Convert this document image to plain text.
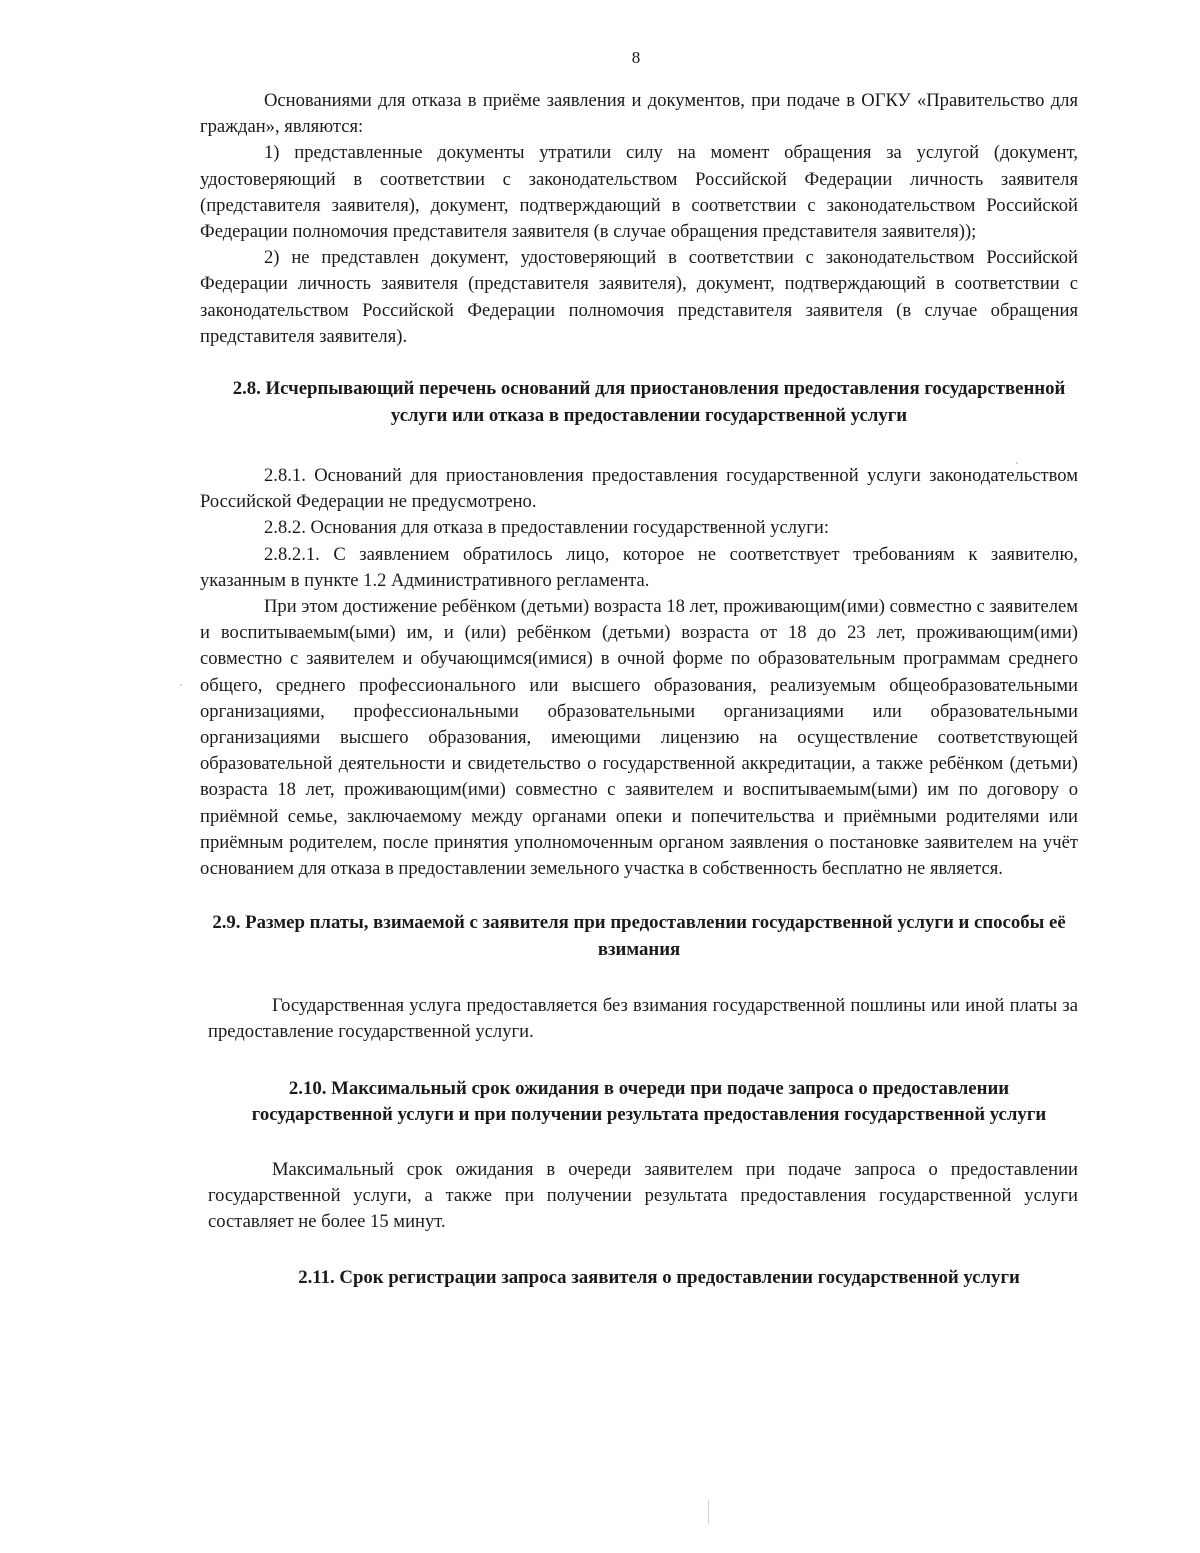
8

Основаниями для отказа в приёме заявления и документов, при подаче в ОГКУ «Правительство для граждан», являются:

1) представленные документы утратили силу на момент обращения за услугой (документ, удостоверяющий в соответствии с законодательством Российской Федерации личность заявителя (представителя заявителя), документ, подтверждающий в соответствии с законодательством Российской Федерации полномочия представителя заявителя (в случае обращения представителя заявителя));

2) не представлен документ, удостоверяющий в соответствии с законодательством Российской Федерации личность заявителя (представителя заявителя), документ, подтверждающий в соответствии с законодательством Российской Федерации полномочия представителя заявителя (в случае обращения представителя заявителя).

2.8. Исчерпывающий перечень оснований для приостановления предоставления государственной услуги или отказа в предоставлении государственной услуги

2.8.1. Оснований для приостановления предоставления государственной услуги законодательством Российской Федерации не предусмотрено.

2.8.2. Основания для отказа в предоставлении государственной услуги:

2.8.2.1. С заявлением обратилось лицо, которое не соответствует требованиям к заявителю, указанным в пункте 1.2 Административного регламента.

При этом достижение ребёнком (детьми) возраста 18 лет, проживающим(ими) совместно с заявителем и воспитываемым(ыми) им, и (или) ребёнком (детьми) возраста от 18 до 23 лет, проживающим(ими) совместно с заявителем и обучающимся(имися) в очной форме по образовательным программам среднего общего, среднего профессионального или высшего образования, реализуемым общеобразовательными организациями, профессиональными образовательными организациями или образовательными организациями высшего образования, имеющими лицензию на осуществление соответствующей образовательной деятельности и свидетельство о государственной аккредитации, а также ребёнком (детьми) возраста 18 лет, проживающим(ими) совместно с заявителем и воспитываемым(ыми) им по договору о приёмной семье, заключаемому между органами опеки и попечительства и приёмными родителями или приёмным родителем, после принятия уполномоченным органом заявления о постановке заявителем на учёт основанием для отказа в предоставлении земельного участка в собственность бесплатно не является.

2.9. Размер платы, взимаемой с заявителя при предоставлении государственной услуги и способы её взимания

Государственная услуга предоставляется без взимания государственной пошлины или иной платы за предоставление государственной услуги.

2.10. Максимальный срок ожидания в очереди при подаче запроса о предоставлении государственной услуги и при получении результата предоставления государственной услуги

Максимальный срок ожидания в очереди заявителем при подаче запроса о предоставлении государственной услуги, а также при получении результата предоставления государственной услуги составляет не более 15 минут.

2.11. Срок регистрации запроса заявителя о предоставлении государственной услуги
